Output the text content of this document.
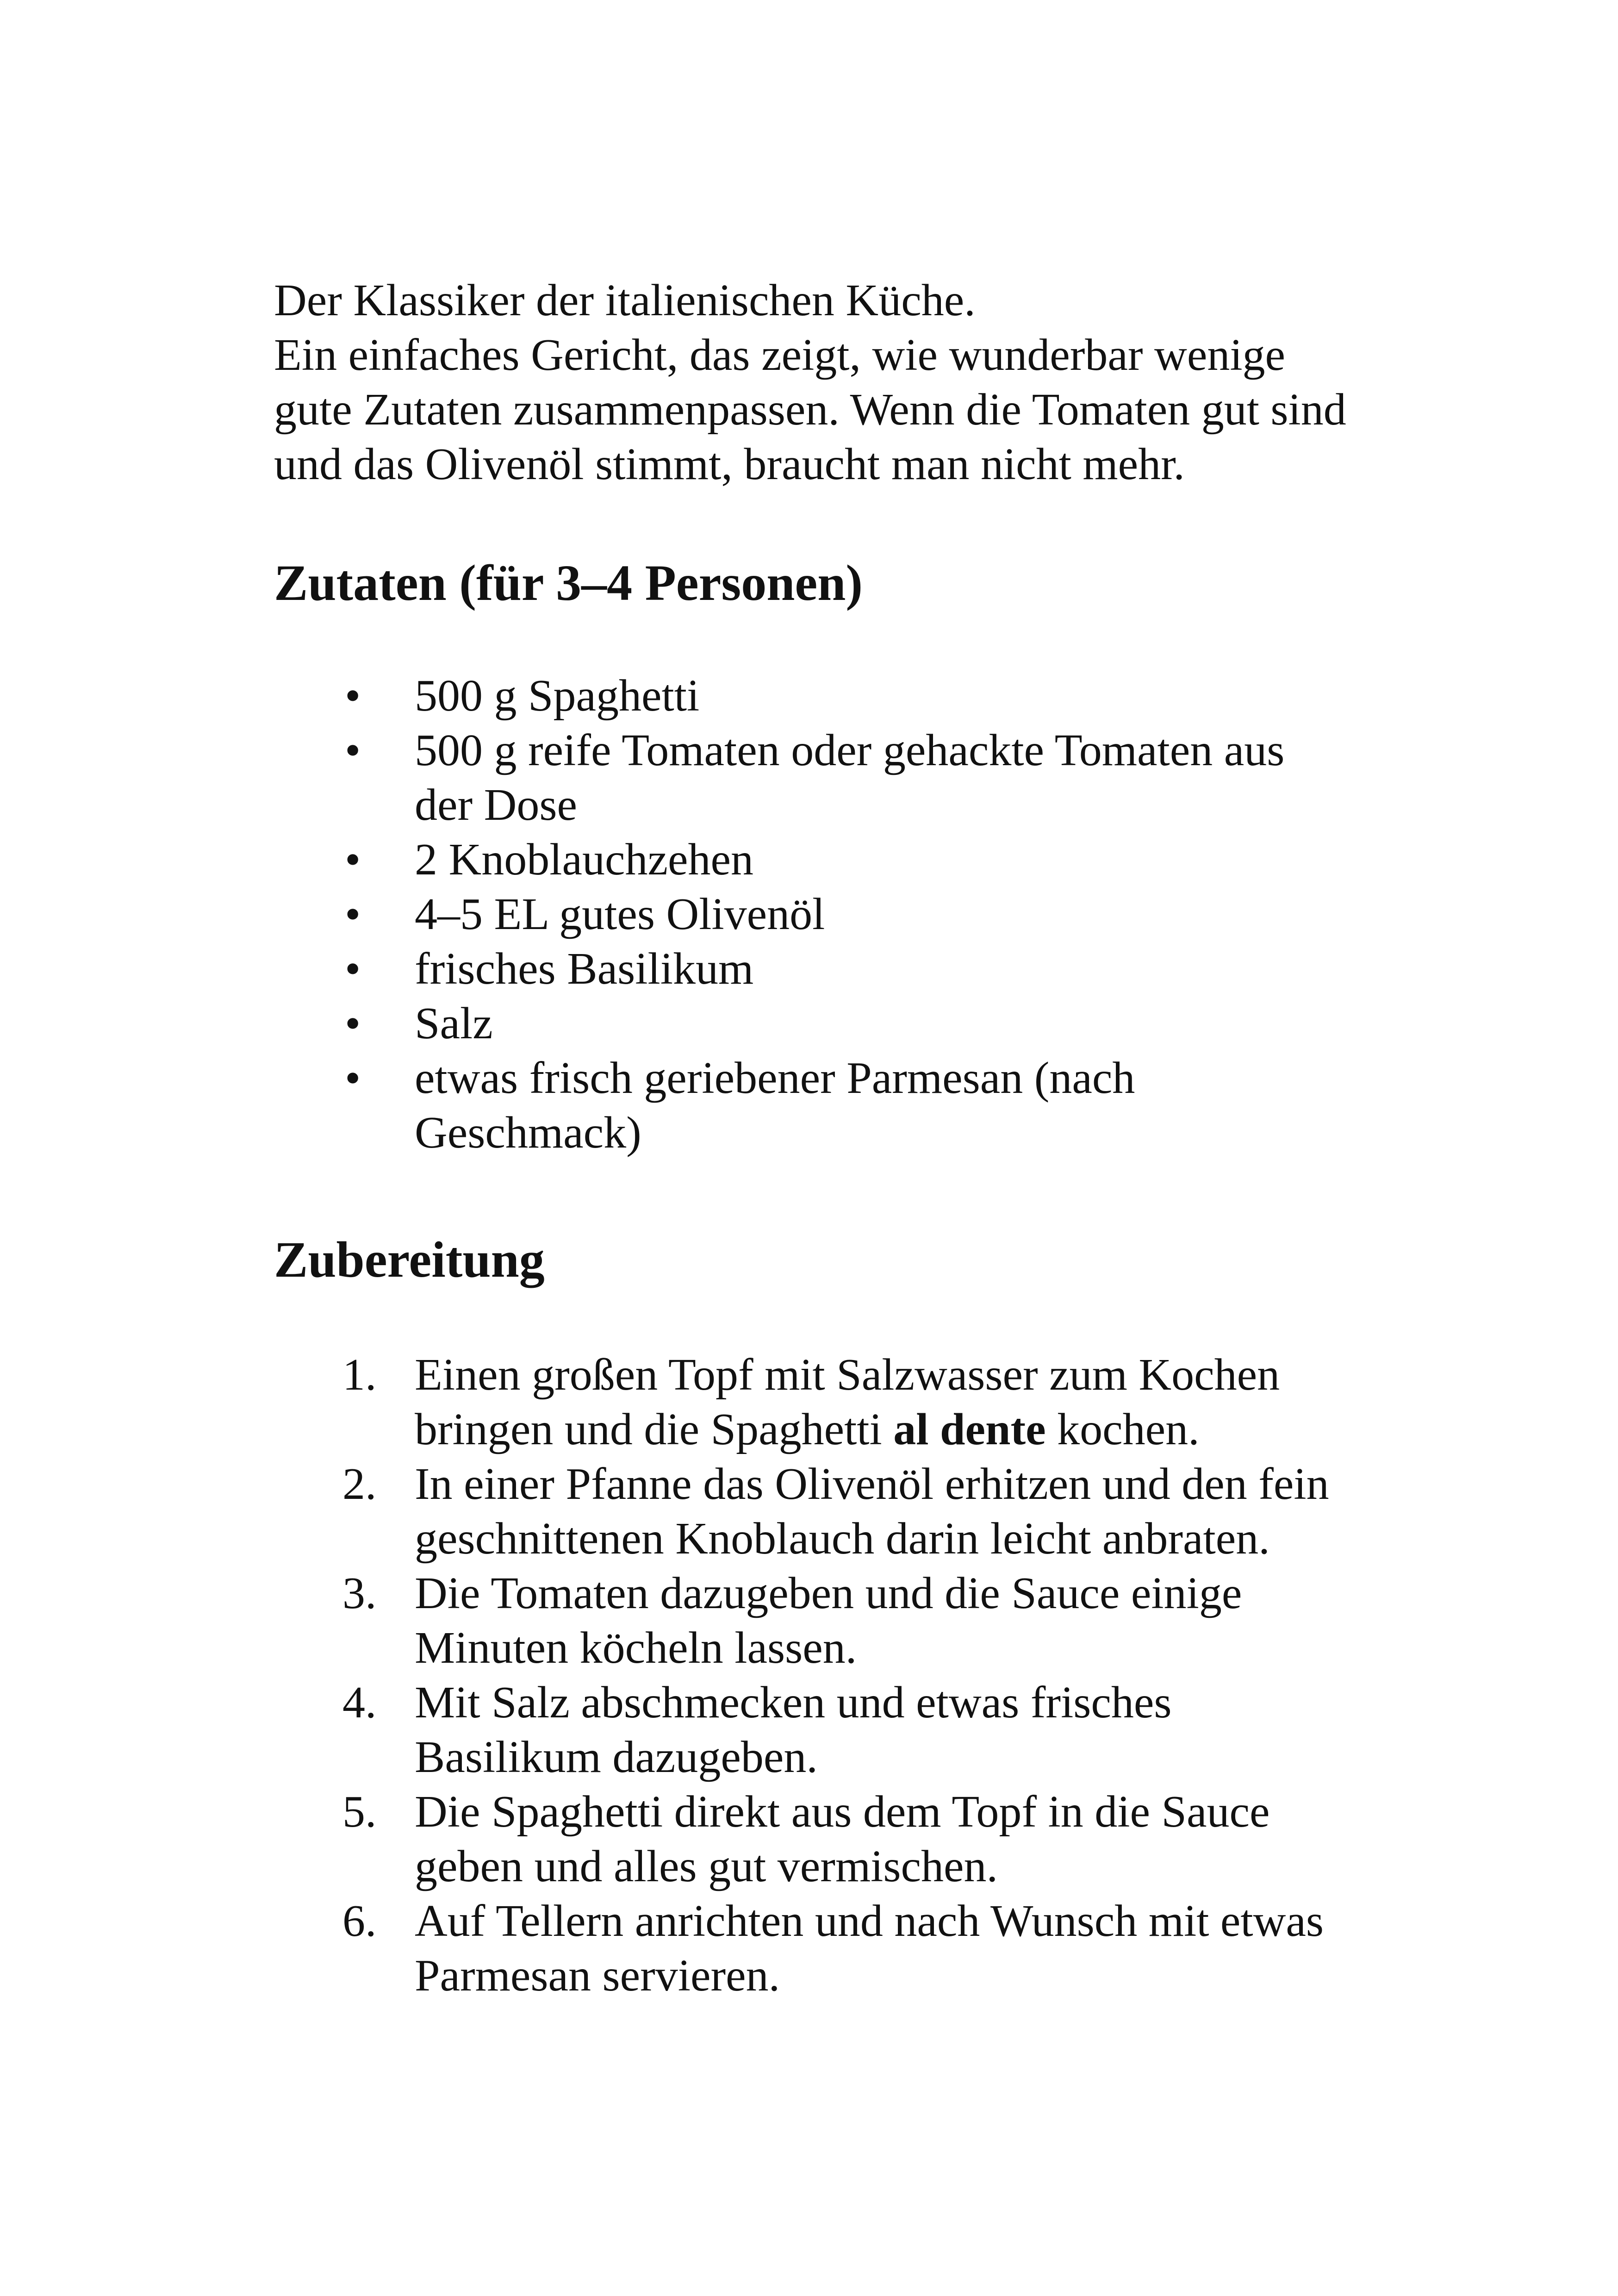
Der Klassiker der italienischen Küche.

Ein einfaches Gericht, das zeigt, wie wunderbar wenige gute Zutaten zusammenpassen. Wenn die Tomaten gut sind und das Olivenöl stimmt, braucht man nicht mehr.

Zutaten (für 3–4 Personen)
• 500 g Spaghetti
• 500 g reife Tomaten oder gehackte Tomaten aus der Dose
• 2 Knoblauchzehen
• 4–5 EL gutes Olivenöl
• frisches Basilikum
• Salz
• etwas frisch geriebener Parmesan (nach Geschmack)
Zubereitung
1. Einen großen Topf mit Salzwasser zum Kochen bringen und die Spaghetti al dente kochen.
2. In einer Pfanne das Olivenöl erhitzen und den fein geschnittenen Knoblauch darin leicht anbraten.
3. Die Tomaten dazugeben und die Sauce einige Minuten köcheln lassen.
4. Mit Salz abschmecken und etwas frisches Basilikum dazugeben.
5. Die Spaghetti direkt aus dem Topf in die Sauce geben und alles gut vermischen.
6. Auf Tellern anrichten und nach Wunsch mit etwas Parmesan servieren.
